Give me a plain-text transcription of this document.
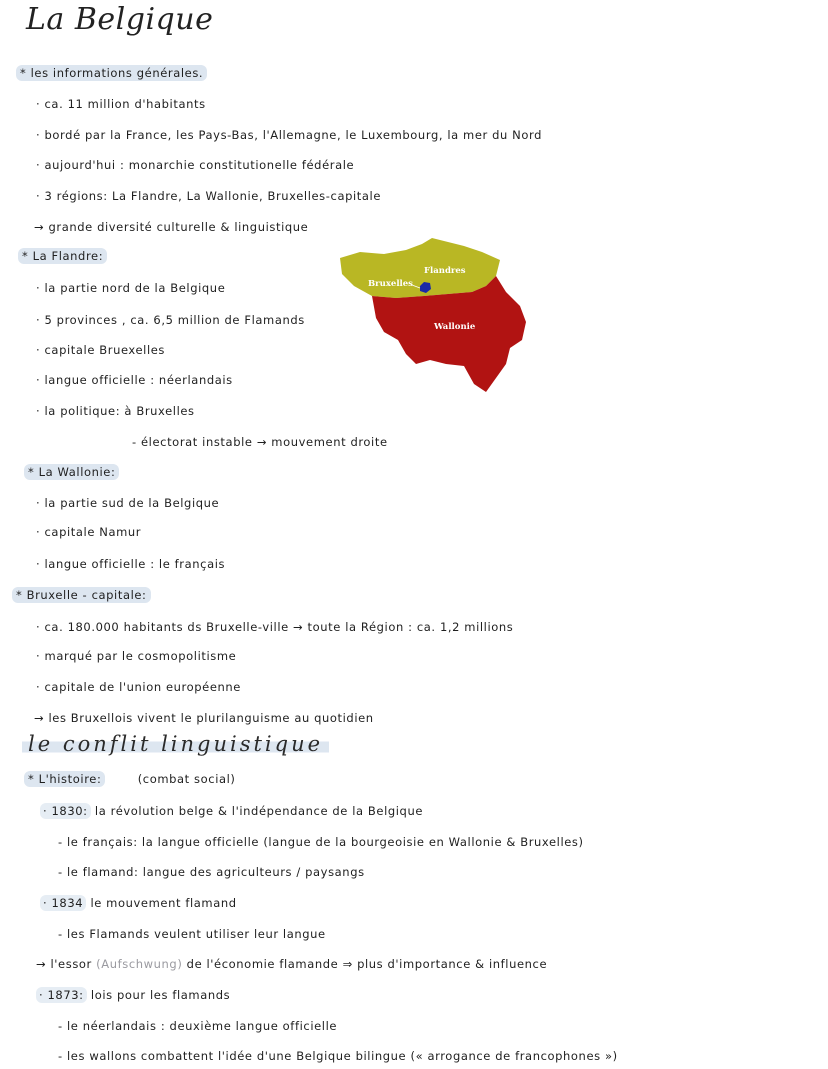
La Belgique
* les informations générales.
· ca. 11 million d'habitants
· bordé par la France, les Pays-Bas, l'Allemagne, le Luxembourg, la mer du Nord
· aujourd'hui : monarchie constitutionelle fédérale
· 3 régions: La Flandre, La Wallonie, Bruxelles-capitale
→ grande diversité culturelle & linguistique
* La Flandre:
· la partie nord de la Belgique
· 5 provinces , ca. 6,5 million de Flamands
· capitale Bruexelles
· langue officielle : néerlandais
· la politique: à Bruxelles
- électorat instable → mouvement droite
Flandres
Bruxelles
Wallonie
* La Wallonie:
· la partie sud de la Belgique
· capitale Namur
· langue officielle : le français
* Bruxelle - capitale:
· ca. 180.000 habitants ds Bruxelle-ville → toute la Région : ca. 1,2 millions
· marqué par le cosmopolitisme
· capitale de l'union européenne
→ les Bruxellois vivent le plurilanguisme au quotidien
le conflit linguistique
* L'histoire:	(combat social)
· 1830: la révolution belge & l'indépendance de la Belgique
- le français: la langue officielle (langue de la bourgeoisie en Wallonie & Bruxelles)
- le flamand: langue des agriculteurs / paysangs
· 1834 le mouvement flamand
- les Flamands veulent utiliser leur langue
→ l'essor (Aufschwung) de l'économie flamande ⇒ plus d'importance & influence
· 1873: lois pour les flamands
- le néerlandais : deuxième langue officielle
- les wallons combattent l'idée d'une Belgique bilingue (« arrogance de francophones »)
